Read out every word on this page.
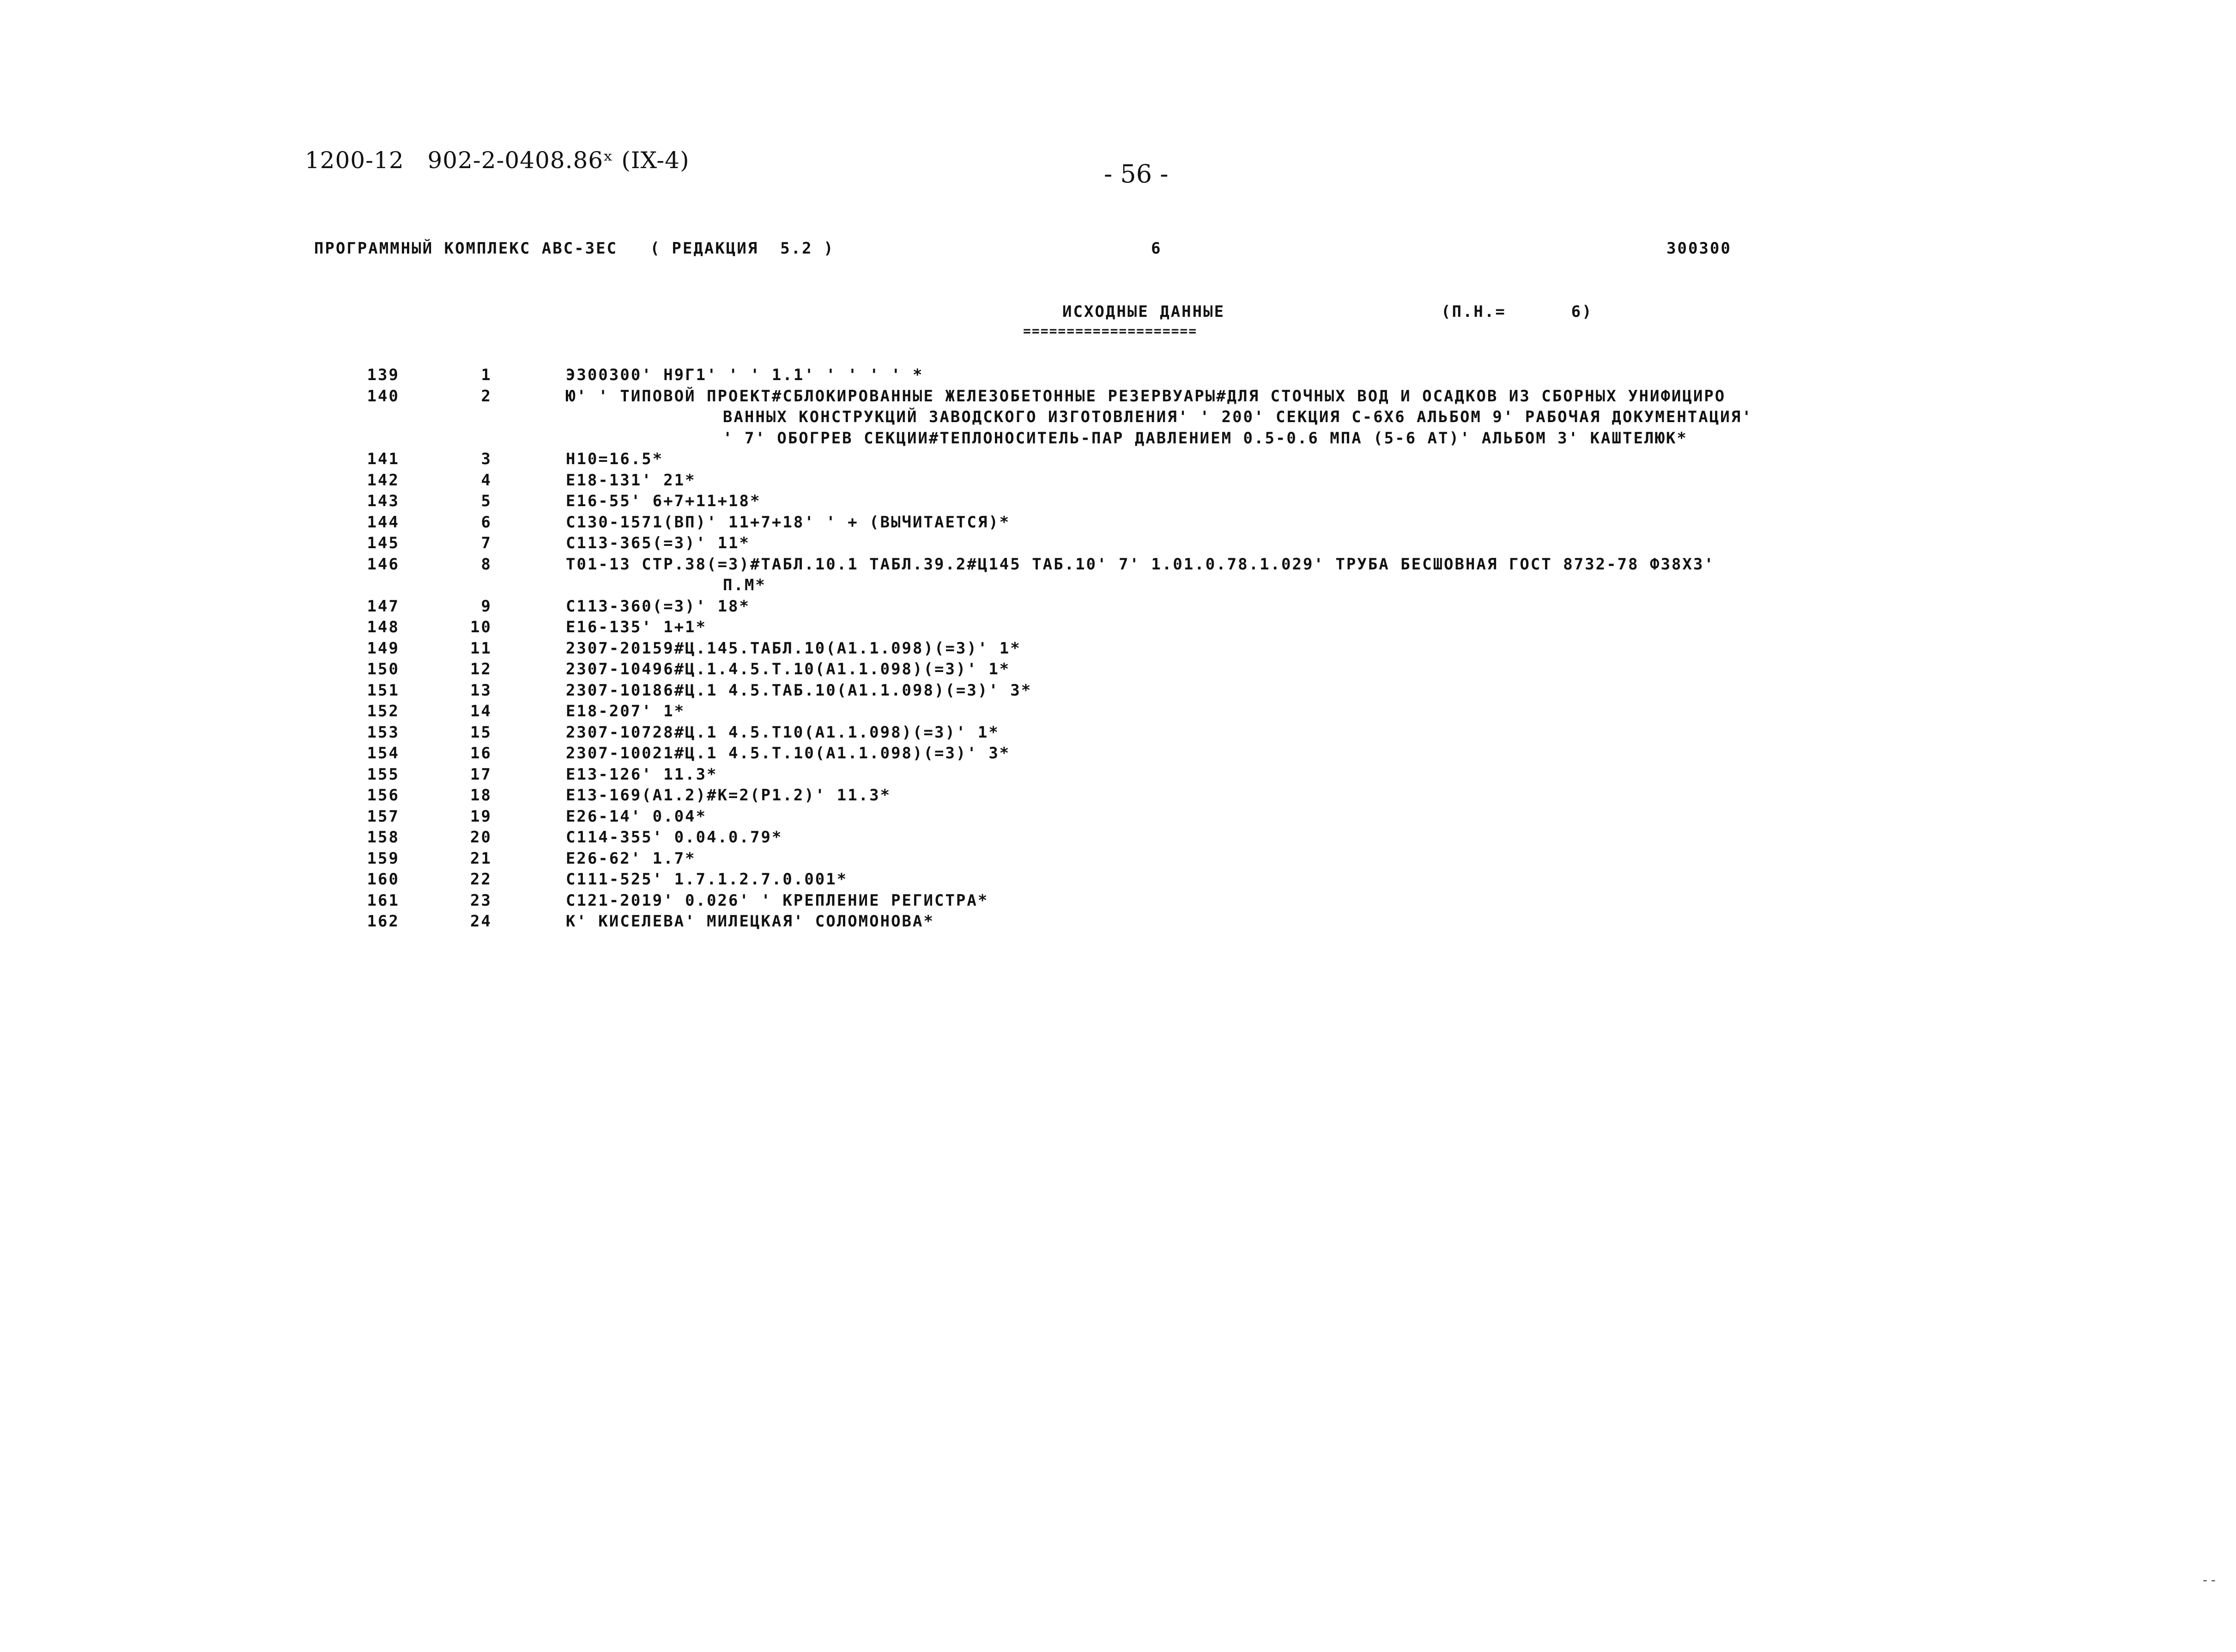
1200-12   902-2-0408.86ˣ (IX-4)	- 56 -
ПРОГРАММНЫЙ КОМПЛЕКС АВС-3ЕС   ( РЕДАКЦИЯ  5.2 )	6	300300
ИСХОДНЫЕ ДАННЫЕ	(П.Н.=      6)
====================
139	1	Э300300' Н9Г1' ' ' 1.1' ' ' ' ' *
140	2	Ю' ' ТИПОВОЙ ПРОЕКТ#СБЛОКИРОВАННЫЕ ЖЕЛЕЗОБЕТОННЫЕ РЕЗЕРВУАРЫ#ДЛЯ СТОЧНЫХ ВОД И ОСАДКОВ ИЗ СБОРНЫХ УНИФИЦИРО
ВАННЫХ КОНСТРУКЦИЙ ЗАВОДСКОГО ИЗГОТОВЛЕНИЯ' ' 200' СЕКЦИЯ С-6Х6 АЛЬБОМ 9' РАБОЧАЯ ДОКУМЕНТАЦИЯ'
' 7' ОБОГРЕВ СЕКЦИИ#ТЕПЛОНОСИТЕЛЬ-ПАР ДАВЛЕНИЕМ 0.5-0.6 МПА (5-6 АТ)' АЛЬБОМ 3' КАШТЕЛЮК*
141	3	Н10=16.5*
142	4	Е18-131' 21*
143	5	Е16-55' 6+7+11+18*
144	6	С130-1571(ВП)' 11+7+18' ' + (ВЫЧИТАЕТСЯ)*
145	7	С113-365(=3)' 11*
146	8	Т01-13 СТР.38(=3)#ТАБЛ.10.1 ТАБЛ.39.2#Ц145 ТАБ.10' 7' 1.01.0.78.1.029' ТРУБА БЕСШОВНАЯ ГОСТ 8732-78 Ф38Х3'
П.М*
147	9	С113-360(=3)' 18*
148	10	Е16-135' 1+1*
149	11	2307-20159#Ц.145.ТАБЛ.10(А1.1.098)(=3)' 1*
150	12	2307-10496#Ц.1.4.5.Т.10(А1.1.098)(=3)' 1*
151	13	2307-10186#Ц.1 4.5.ТАБ.10(А1.1.098)(=3)' 3*
152	14	Е18-207' 1*
153	15	2307-10728#Ц.1 4.5.Т10(А1.1.098)(=3)' 1*
154	16	2307-10021#Ц.1 4.5.Т.10(А1.1.098)(=3)' 3*
155	17	Е13-126' 11.3*
156	18	Е13-169(А1.2)#К=2(Р1.2)' 11.3*
157	19	Е26-14' 0.04*
158	20	С114-355' 0.04.0.79*
159	21	Е26-62' 1.7*
160	22	С111-525' 1.7.1.2.7.0.001*
161	23	С121-2019' 0.026' ' КРЕПЛЕНИЕ РЕГИСТРА*
162	24	К' КИСЕЛЕВА' МИЛЕЦКАЯ' СОЛОМОНОВА*
--
